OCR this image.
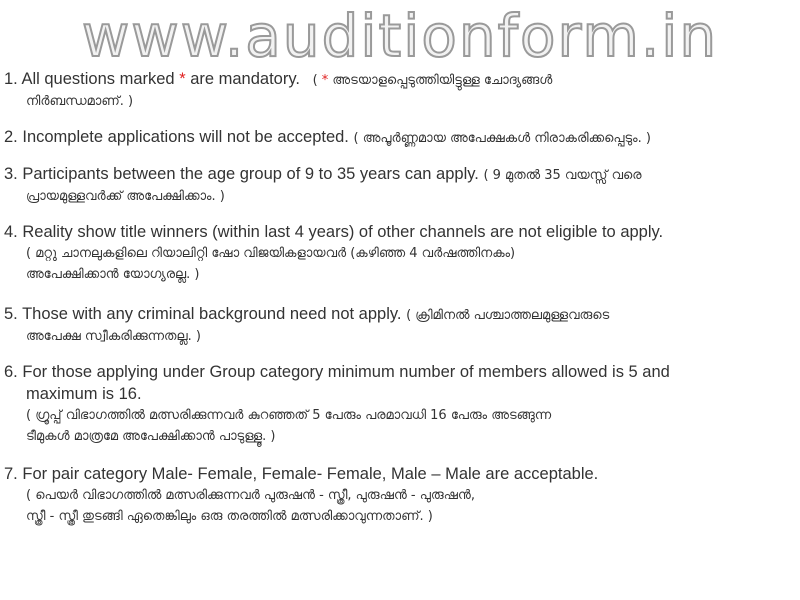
www.auditionform.in
1. All questions marked * are mandatory. ( * അടയാളപ്പെടുത്തിയിട്ടുള്ള ചോദ്യങ്ങൾ
നിർബന്ധമാണ്. )
2. Incomplete applications will not be accepted. ( അപൂർണ്ണമായ അപേക്ഷകൾ നിരാകരിക്കപ്പെടും. )
3. Participants between the age group of 9 to 35 years can apply. ( 9 മുതൽ 35 വയസ്സ് വരെ
പ്രായമുള്ളവർക്ക് അപേക്ഷിക്കാം. )
4. Reality show title winners (within last 4 years) of other channels are not eligible to apply.
( മറ്റു ചാനലുകളിലെ റിയാലിറ്റി ഷോ വിജയികളായവർ (കഴിഞ്ഞ 4 വർഷത്തിനകം)
അപേക്ഷിക്കാൻ യോഗ്യരല്ല. )
5. Those with any criminal background need not apply. ( ക്രിമിനൽ പശ്ചാത്തലമുള്ളവരുടെ
അപേക്ഷ സ്വീകരിക്കുന്നതല്ല. )
6. For those applying under Group category minimum number of members allowed is 5 and
maximum is 16.
( ഗ്രൂപ്പ് വിഭാഗത്തിൽ മത്സരിക്കുന്നവർ കുറഞ്ഞത് 5 പേരും പരമാവധി 16 പേരും അടങ്ങുന്ന
ടീമുകൾ മാത്രമേ അപേക്ഷിക്കാൻ പാടുള്ളൂ. )
7. For pair category Male- Female, Female- Female, Male – Male are acceptable.
( പെയർ വിഭാഗത്തിൽ മത്സരിക്കുന്നവർ പുരുഷൻ - സ്ത്രീ, പുരുഷൻ - പുരുഷൻ,
സ്ത്രീ - സ്ത്രീ തുടങ്ങി ഏതെങ്കിലും ഒരു തരത്തിൽ മത്സരിക്കാവുന്നതാണ്. )
